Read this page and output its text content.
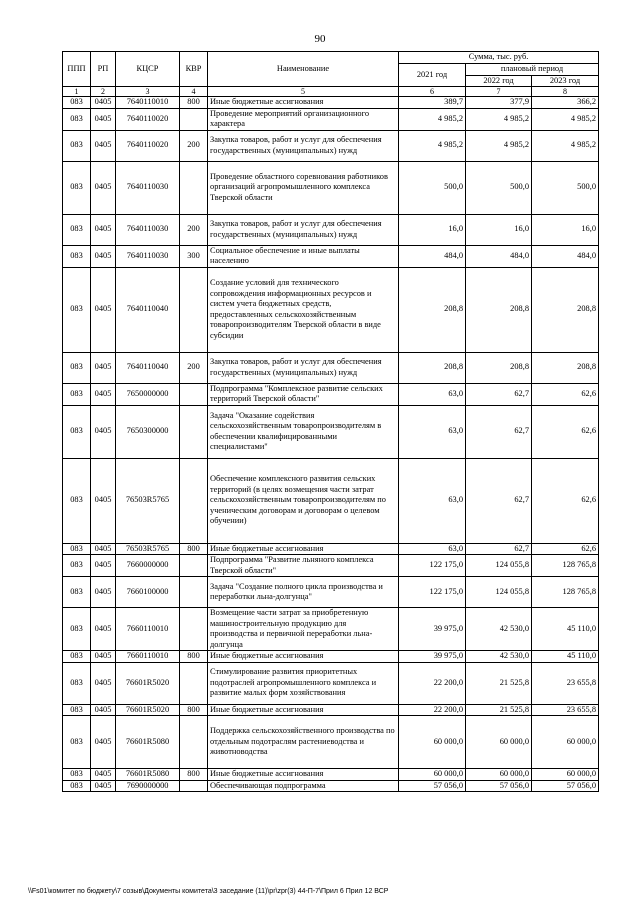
90
ППП	РП	КЦСР	КВР	Наименование	Сумма, тыс. руб.		
					2021 год	плановый период	
						2022 год	2023 год
1	2	3	4	5	6	7	8
083	0405	7640110010	800	Иные бюджетные ассигнования	389,7	377,9	366,2
083	0405	7640110020		Проведение мероприятий организационного характера	4 985,2	4 985,2	4 985,2
083	0405	7640110020	200	Закупка товаров, работ и услуг для обеспечения государственных (муниципальных) нужд	4 985,2	4 985,2	4 985,2
083	0405	7640110030		Проведение областного соревнования работников организаций агропромышленного комплекса Тверской области	500,0	500,0	500,0
083	0405	7640110030	200	Закупка товаров, работ и услуг для обеспечения государственных (муниципальных) нужд	16,0	16,0	16,0
083	0405	7640110030	300	Социальное обеспечение и иные выплаты населению	484,0	484,0	484,0
083	0405	7640110040		Создание условий для технического сопровождения информационных ресурсов и систем учета бюджетных средств, предоставленных сельскохозяйственным товаропроизводителям Тверской области в виде субсидии	208,8	208,8	208,8
083	0405	7640110040	200	Закупка товаров, работ и услуг для обеспечения государственных (муниципальных) нужд	208,8	208,8	208,8
083	0405	7650000000		Подпрограмма "Комплексное развитие сельских территорий Тверской области"	63,0	62,7	62,6
083	0405	7650300000		Задача "Оказание содействия сельскохозяйственным товаропроизводителям в обеспечении квалифицированными специалистами"	63,0	62,7	62,6
083	0405	76503R5765		Обеспечение комплексного развития сельских территорий (в целях возмещения части затрат сельскохозяйственным товаропроизводителям по ученическим договорам и договорам о целевом обучении)	63,0	62,7	62,6
083	0405	76503R5765	800	Иные бюджетные ассигнования	63,0	62,7	62,6
083	0405	7660000000		Подпрограмма "Развитие льняного комплекса Тверской области"	122 175,0	124 055,8	128 765,8
083	0405	7660100000		Задача "Создание полного цикла производства и переработки льна-долгунца"	122 175,0	124 055,8	128 765,8
083	0405	7660110010		Возмещение части затрат за приобретенную машиностроительную продукцию для производства и первичной переработки льна-долгунца	39 975,0	42 530,0	45 110,0
083	0405	7660110010	800	Иные бюджетные ассигнования	39 975,0	42 530,0	45 110,0
083	0405	76601R5020		Стимулирование развития приоритетных подотраслей агропромышленного комплекса и развитие малых форм хозяйствования	22 200,0	21 525,8	23 655,8
083	0405	76601R5020	800	Иные бюджетные ассигнования	22 200,0	21 525,8	23 655,8
083	0405	76601R5080		Поддержка сельскохозяйственного производства по отдельным подотраслям растениеводства и животноводства	60 000,0	60 000,0	60 000,0
083	0405	76601R5080	800	Иные бюджетные ассигнования	60 000,0	60 000,0	60 000,0
083	0405	7690000000		Обеспечивающая подпрограмма	57 056,0	57 056,0	57 056,0
\\Fs01\комитет по бюджету\7 созыв\Документы комитета\3 заседание (11)\pr\zpr(3) 44-П-7\Прил 6 Прил 12 ВСР
